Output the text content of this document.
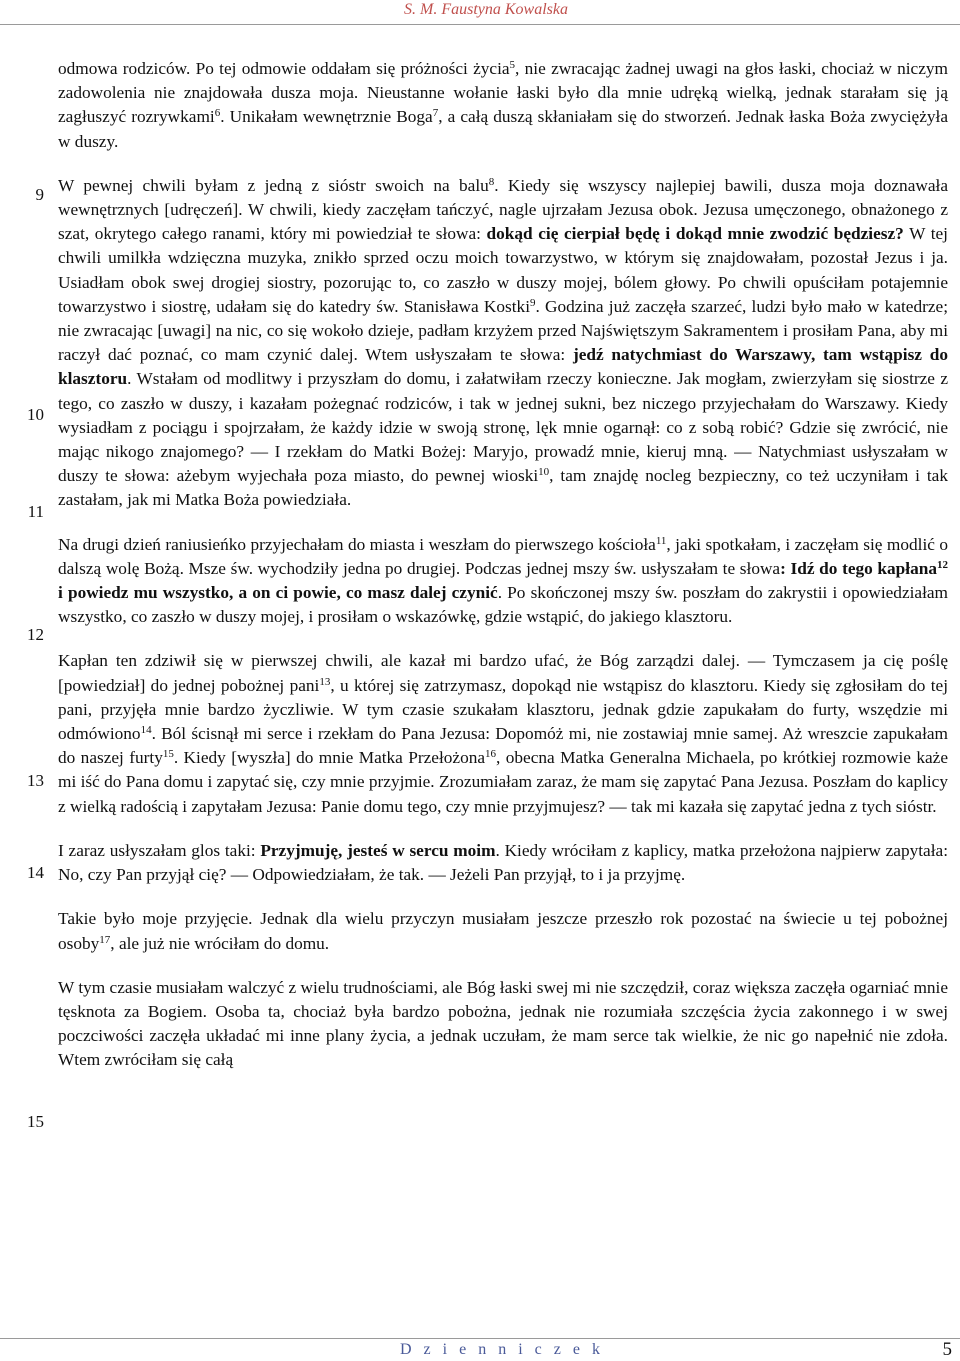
S. M. Faustyna Kowalska
9
10
11
12
13
14
15

odmowa rodziców. Po tej odmowie oddałam się próżności życia$^5$, nie zwracając żadnej uwagi na głos łaski, chociaż w niczym zadowolenia nie znajdowała dusza moja. Nieustanne wołanie łaski było dla mnie udręką wielką, jednak starałam się ją zagłuszyć rozrywkami$^6$. Unikałam wewnętrznie Boga$^7$, a całą duszą skłaniałam się do stworzeń. Jednak łaska Boża zwyciężyła w duszy.

W pewnej chwili byłam z jedną z sióstr swoich na balu$^8$. Kiedy się wszyscy najlepiej bawili, dusza moja doznawała wewnętrznych [udręczeń]. W chwili, kiedy zaczęłam tańczyć, nagle ujrzałam Jezusa obok. Jezusa umęczonego, obnażonego z szat, okrytego całego ranami, który mi powiedział te słowa: dokąd cię cierpiał będę i dokąd mnie zwodzić będziesz? W tej chwili umilkła wdzięczna muzyka, znikło sprzed oczu moich towarzystwo, w którym się znajdowałam, pozostał Jezus i ja. Usiadłam obok swej drogiej siostry, pozorując to, co zaszło w duszy mojej, bólem głowy. Po chwili opuściłam potajemnie towarzystwo i siostrę, udałam się do katedry św. Stanisława Kostki$^9$. Godzina już zaczęła szarzeć, ludzi było mało w katedrze; nie zwracając [uwagi] na nic, co się wokoło dzieje, padłam krzyżem przed Najświętszym Sakramentem i prosiłam Pana, aby mi raczył dać poznać, co mam czynić dalej. Wtem usłyszałam te słowa: jedź natychmiast do Warszawy, tam wstąpisz do klasztoru. Wstałam od modlitwy i przyszłam do domu, i załatwiłam rzeczy konieczne. Jak mogłam, zwierzyłam się siostrze z tego, co zaszło w duszy, i kazałam pożegnać rodziców, i tak w jednej sukni, bez niczego przyjechałam do Warszawy. Kiedy wysiadłam z pociągu i spojrzałam, że każdy idzie w swoją stronę, lęk mnie ogarnął: co z sobą robić? Gdzie się zwrócić, nie mając nikogo znajomego? — I rzekłam do Matki Bożej: Maryjo, prowadź mnie, kieruj mną. — Natychmiast usłyszałam w duszy te słowa: ażebym wyjechała poza miasto, do pewnej wioski$^{10}$, tam znajdę nocleg bezpieczny, co też uczyniłam i tak zastałam, jak mi Matka Boża powiedziała.

Na drugi dzień raniusieńko przyjechałam do miasta i weszłam do pierwszego kościoła$^{11}$, jaki spotkałam, i zaczęłam się modlić o dalszą wolę Bożą. Msze św. wychodziły jedna po drugiej. Podczas jednej mszy św. usłyszałam te słowa: Idź do tego kapłana$^{12}$ i powiedz mu wszystko, a on ci powie, co masz dalej czynić. Po skończonej mszy św. poszłam do zakrystii i opowiedziałam wszystko, co zaszło w duszy mojej, i prosiłam o wskazówkę, gdzie wstąpić, do jakiego klasztoru.

Kapłan ten zdziwił się w pierwszej chwili, ale kazał mi bardzo ufać, że Bóg zarządzi dalej. — Tymczasem ja cię poślę [powiedział] do jednej pobożnej pani$^{13}$, u której się zatrzymasz, dopokąd nie wstąpisz do klasztoru. Kiedy się zgłosiłam do tej pani, przyjęła mnie bardzo życzliwie. W tym czasie szukałam klasztoru, jednak gdzie zapukałam do furty, wszędzie mi odmówiono$^{14}$. Ból ścisnął mi serce i rzekłam do Pana Jezusa: Dopomóż mi, nie zostawiaj mnie samej. Aż wreszcie zapukałam do naszej furty$^{15}$. Kiedy [wyszła] do mnie Matka Przełożona$^{16}$, obecna Matka Generalna Michaela, po krótkiej rozmowie każe mi iść do Pana domu i zapytać się, czy mnie przyjmie. Zrozumiałam zaraz, że mam się zapytać Pana Jezusa. Poszłam do kaplicy z wielką radością i zapytałam Jezusa: Panie domu tego, czy mnie przyjmujesz? — tak mi kazała się zapytać jedna z tych sióstr.

I zaraz usłyszałam glos taki: Przyjmuję, jesteś w sercu moim. Kiedy wróciłam z kaplicy, matka przełożona najpierw zapytała: No, czy Pan przyjął cię? — Odpowiedziałam, że tak. — Jeżeli Pan przyjął, to i ja przyjmę.

Takie było moje przyjęcie. Jednak dla wielu przyczyn musiałam jeszcze przeszło rok pozostać na świecie u tej pobożnej osoby$^{17}$, ale już nie wróciłam do domu.

W tym czasie musiałam walczyć z wielu trudnościami, ale Bóg łaski swej mi nie szczędził, coraz większa zaczęła ogarniać mnie tęsknota za Bogiem. Osoba ta, chociaż była bardzo pobożna, jednak nie rozumiała szczęścia życia zakonnego i w swej poczciwości zaczęła układać mi inne plany życia, a jednak uczułam, że mam serce tak wielkie, że nic go napełnić nie zdoła. Wtem zwróciłam się całą

D z i e n n i c z e k	5
